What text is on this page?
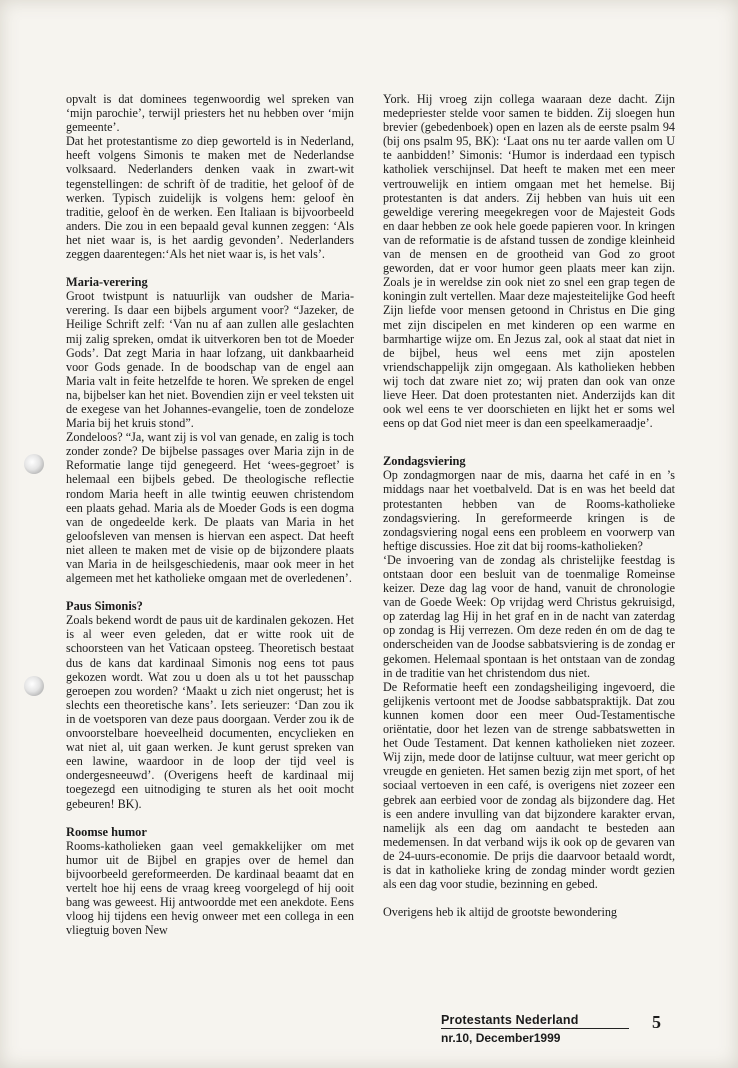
opvalt is dat dominees tegenwoordig wel spreken van ‘mijn parochie’, terwijl priesters het nu hebben over ‘mijn gemeente’.

Dat het protestantisme zo diep geworteld is in Nederland, heeft volgens Simonis te maken met de Nederlandse volksaard. Nederlanders denken vaak in zwart-wit tegenstellingen: de schrift òf de traditie, het geloof òf de werken. Typisch zuidelijk is volgens hem: geloof èn traditie, geloof èn de werken. Een Italiaan is bijvoorbeeld anders. Die zou in een bepaald geval kunnen zeggen: ‘Als het niet waar is, is het aardig gevonden’. Nederlanders zeggen daarentegen:‘Als het niet waar is, is het vals’.

Maria-verering

Groot twistpunt is natuurlijk van oudsher de Maria-verering. Is daar een bijbels argument voor? “Jazeker, de Heilige Schrift zelf: ‘Van nu af aan zullen alle geslachten mij zalig spreken, omdat ik uitverkoren ben tot de Moeder Gods’. Dat zegt Maria in haar lofzang, uit dankbaarheid voor Gods genade. In de boodschap van de engel aan Maria valt in feite hetzelfde te horen. We spreken de engel na, bijbelser kan het niet. Bovendien zijn er veel teksten uit de exegese van het Johannes-evangelie, toen de zondeloze Maria bij het kruis stond”.

Zondeloos? “Ja, want zij is vol van genade, en zalig is toch zonder zonde? De bijbelse passages over Maria zijn in de Reformatie lange tijd genegeerd. Het ‘wees-gegroet’ is helemaal een bijbels gebed. De theologische reflectie rondom Maria heeft in alle twintig eeuwen christendom een plaats gehad. Maria als de Moeder Gods is een dogma van de ongedeelde kerk. De plaats van Maria in het geloofsleven van mensen is hiervan een aspect. Dat heeft niet alleen te maken met de visie op de bijzondere plaats van Maria in de heilsgeschiedenis, maar ook meer in het algemeen met het katholieke omgaan met de overledenen’.

Paus Simonis?

Zoals bekend wordt de paus uit de kardinalen gekozen. Het is al weer even geleden, dat er witte rook uit de schoorsteen van het Vaticaan opsteeg. Theoretisch bestaat dus de kans dat kardinaal Simonis nog eens tot paus gekozen wordt. Wat zou u doen als u tot het pausschap geroepen zou worden? ‘Maakt u zich niet ongerust; het is slechts een theoretische kans’. Iets serieuzer: ‘Dan zou ik in de voetsporen van deze paus doorgaan. Verder zou ik de onvoorstelbare hoeveelheid documenten, encyclieken en wat niet al, uit gaan werken. Je kunt gerust spreken van een lawine, waardoor in de loop der tijd veel is ondergesneeuwd’. (Overigens heeft de kardinaal mij toegezegd een uitnodiging te sturen als het ooit mocht gebeuren! BK).

Roomse humor

Rooms-katholieken gaan veel gemakkelijker om met humor uit de Bijbel en grapjes over de hemel dan bijvoorbeeld gereformeerden. De kardinaal beaamt dat en vertelt hoe hij eens de vraag kreeg voorgelegd of hij ooit bang was geweest. Hij antwoordde met een anekdote. Eens vloog hij tijdens een hevig onweer met een collega in een vliegtuig boven New

York. Hij vroeg zijn collega waaraan deze dacht. Zijn medepriester stelde voor samen te bidden. Zij sloegen hun brevier (gebedenboek) open en lazen als de eerste psalm 94 (bij ons psalm 95, BK): ‘Laat ons nu ter aarde vallen om U te aanbidden!’ Simonis: ‘Humor is inderdaad een typisch katholiek verschijnsel. Dat heeft te maken met een meer vertrouwelijk en intiem omgaan met het hemelse. Bij protestanten is dat anders. Zij hebben van huis uit een geweldige verering meegekregen voor de Majesteit Gods en daar hebben ze ook hele goede papieren voor. In kringen van de reformatie is de afstand tussen de zondige kleinheid van de mensen en de grootheid van God zo groot geworden, dat er voor humor geen plaats meer kan zijn. Zoals je in wereldse zin ook niet zo snel een grap tegen de koningin zult vertellen. Maar deze majesteitelijke God heeft Zijn liefde voor mensen getoond in Christus en Die ging met zijn discipelen en met kinderen op een warme en barmhartige wijze om. En Jezus zal, ook al staat dat niet in de bijbel, heus wel eens met zijn apostelen vriendschappelijk zijn omgegaan. Als katholieken hebben wij toch dat zware niet zo; wij praten dan ook van onze lieve Heer. Dat doen protestanten niet. Anderzijds kan dit ook wel eens te ver doorschieten en lijkt het er soms wel eens op dat God niet meer is dan een speelkameraadje’.

Zondagsviering

Op zondagmorgen naar de mis, daarna het café in en ’s middags naar het voetbalveld. Dat is en was het beeld dat protestanten hebben van de Rooms-katholieke zondagsviering. In gereformeerde kringen is de zondagsviering nogal eens een probleem en voorwerp van heftige discussies. Hoe zit dat bij rooms-katholieken?

‘De invoering van de zondag als christelijke feestdag is ontstaan door een besluit van de toenmalige Romeinse keizer. Deze dag lag voor de hand, vanuit de chronologie van de Goede Week: Op vrijdag werd Christus gekruisigd, op zaterdag lag Hij in het graf en in de nacht van zaterdag op zondag is Hij verrezen. Om deze reden én om de dag te onderscheiden van de Joodse sabbatsviering is de zondag er gekomen. Helemaal spontaan is het ontstaan van de zondag in de traditie van het christendom dus niet.

De Reformatie heeft een zondagsheiliging ingevoerd, die gelijkenis vertoont met de Joodse sabbatspraktijk. Dat zou kunnen komen door een meer Oud-Testamentische oriëntatie, door het lezen van de strenge sabbatswetten in het Oude Testament. Dat kennen katholieken niet zozeer. Wij zijn, mede door de latijnse cultuur, wat meer gericht op vreugde en genieten. Het samen bezig zijn met sport, of het sociaal vertoeven in een café, is overigens niet zozeer een gebrek aan eerbied voor de zondag als bijzondere dag. Het is een andere invulling van dat bijzondere karakter ervan, namelijk als een dag om aandacht te besteden aan medemensen. In dat verband wijs ik ook op de gevaren van de 24-uurs-economie. De prijs die daarvoor betaald wordt, is dat in katholieke kring de zondag minder wordt gezien als een dag voor studie, bezinning en gebed.

Overigens heb ik altijd de grootste bewondering

Protestants Nederland
nr.10, December1999
5
